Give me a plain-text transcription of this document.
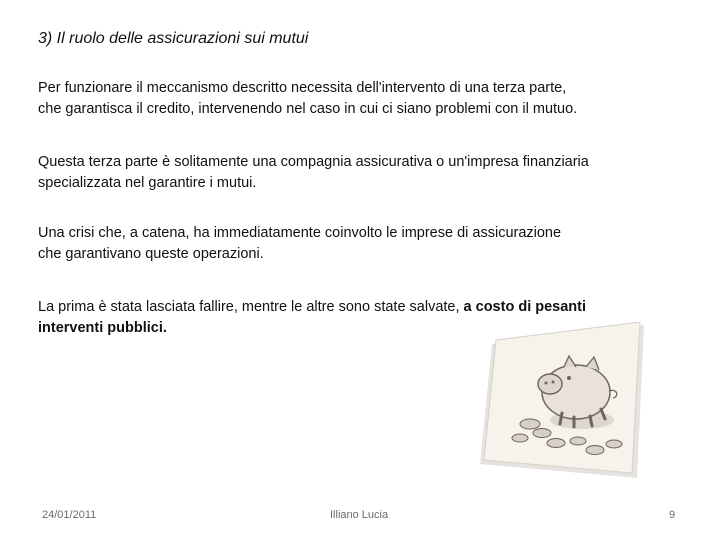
3) Il ruolo delle assicurazioni sui mutui
Per funzionare il meccanismo descritto necessita dell'intervento di una terza parte,
che garantisca il credito, intervenendo nel caso in cui ci siano problemi con il mutuo.
Questa terza parte è solitamente una compagnia assicurativa o un'impresa finanziaria
specializzata nel garantire i mutui.
Una crisi che, a catena, ha immediatamente coinvolto le imprese di assicurazione
che garantivano queste operazioni.
La prima è stata lasciata fallire, mentre le altre sono state salvate, a costo di pesanti
interventi pubblici.
24/01/2011	Illiano Lucia	9
